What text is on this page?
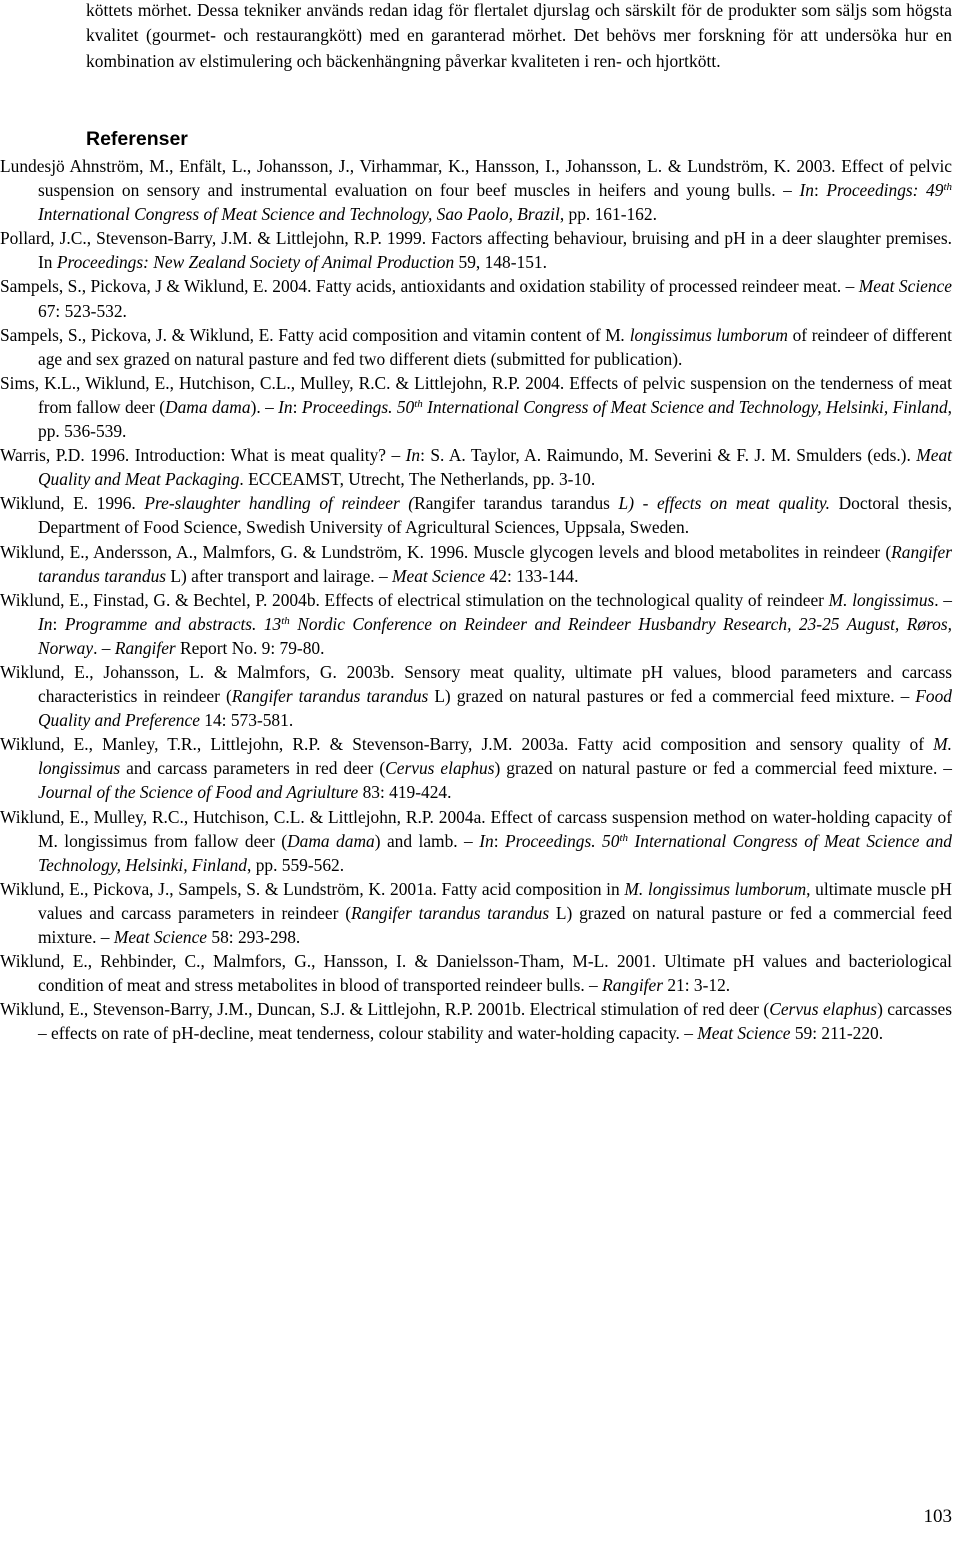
köttets mörhet. Dessa tekniker används redan idag för flertalet djurslag och särskilt för de produkter som säljs som högsta kvalitet (gourmet- och restaurangkött) med en garanterad mörhet. Det behövs mer forskning för att undersöka hur en kombination av elstimulering och bäckenhängning påverkar kvaliteten i ren- och hjortkött.

Referenser

Lundesjö Ahnström, M., Enfält, L., Johansson, J., Virhammar, K., Hansson, I., Johansson, L. & Lundström, K. 2003. Effect of pelvic suspension on sensory and instrumental evaluation on four beef muscles in heifers and young bulls. – In: Proceedings: 49th International Congress of Meat Science and Technology, Sao Paolo, Brazil, pp. 161-162.

Pollard, J.C., Stevenson-Barry, J.M. & Littlejohn, R.P. 1999. Factors affecting behaviour, bruising and pH in a deer slaughter premises. In Proceedings: New Zealand Society of Animal Production 59, 148-151.

Sampels, S., Pickova, J & Wiklund, E. 2004. Fatty acids, antioxidants and oxidation stability of processed reindeer meat. – Meat Science 67: 523-532.

Sampels, S., Pickova, J. & Wiklund, E. Fatty acid composition and vitamin content of M. longissimus lumborum of reindeer of different age and sex grazed on natural pasture and fed two different diets (submitted for publication).

Sims, K.L., Wiklund, E., Hutchison, C.L., Mulley, R.C. & Littlejohn, R.P. 2004. Effects of pelvic suspension on the tenderness of meat from fallow deer (Dama dama). – In: Proceedings. 50th International Congress of Meat Science and Technology, Helsinki, Finland, pp. 536-539.

Warris, P.D. 1996. Introduction: What is meat quality? – In: S. A. Taylor, A. Raimundo, M. Severini & F. J. M. Smulders (eds.). Meat Quality and Meat Packaging. ECCEAMST, Utrecht, The Netherlands, pp. 3-10.

Wiklund, E. 1996. Pre-slaughter handling of reindeer (Rangifer tarandus tarandus L) - effects on meat quality. Doctoral thesis, Department of Food Science, Swedish University of Agricultural Sciences, Uppsala, Sweden.

Wiklund, E., Andersson, A., Malmfors, G. & Lundström, K. 1996. Muscle glycogen levels and blood metabolites in reindeer (Rangifer tarandus tarandus L) after transport and lairage. – Meat Science 42: 133-144.

Wiklund, E., Finstad, G. & Bechtel, P. 2004b. Effects of electrical stimulation on the technological quality of reindeer M. longissimus. – In: Programme and abstracts. 13th Nordic Conference on Reindeer and Reindeer Husbandry Research, 23-25 August, Røros, Norway. – Rangifer Report No. 9: 79-80.

Wiklund, E., Johansson, L. & Malmfors, G. 2003b. Sensory meat quality, ultimate pH values, blood parameters and carcass characteristics in reindeer (Rangifer tarandus tarandus L) grazed on natural pastures or fed a commercial feed mixture. – Food Quality and Preference 14: 573-581.

Wiklund, E., Manley, T.R., Littlejohn, R.P. & Stevenson-Barry, J.M. 2003a. Fatty acid composition and sensory quality of M. longissimus and carcass parameters in red deer (Cervus elaphus) grazed on natural pasture or fed a commercial feed mixture. – Journal of the Science of Food and Agriulture 83: 419-424.

Wiklund, E., Mulley, R.C., Hutchison, C.L. & Littlejohn, R.P. 2004a. Effect of carcass suspension method on water-holding capacity of M. longissimus from fallow deer (Dama dama) and lamb. – In: Proceedings. 50th International Congress of Meat Science and Technology, Helsinki, Finland, pp. 559-562.

Wiklund, E., Pickova, J., Sampels, S. & Lundström, K. 2001a. Fatty acid composition in M. longissimus lumborum, ultimate muscle pH values and carcass parameters in reindeer (Rangifer tarandus tarandus L) grazed on natural pasture or fed a commercial feed mixture. – Meat Science 58: 293-298.

Wiklund, E., Rehbinder, C., Malmfors, G., Hansson, I. & Danielsson-Tham, M-L. 2001. Ultimate pH values and bacteriological condition of meat and stress metabolites in blood of transported reindeer bulls. – Rangifer 21: 3-12.

Wiklund, E., Stevenson-Barry, J.M., Duncan, S.J. & Littlejohn, R.P. 2001b. Electrical stimulation of red deer (Cervus elaphus) carcasses – effects on rate of pH-decline, meat tenderness, colour stability and water-holding capacity. – Meat Science 59: 211-220.

103
